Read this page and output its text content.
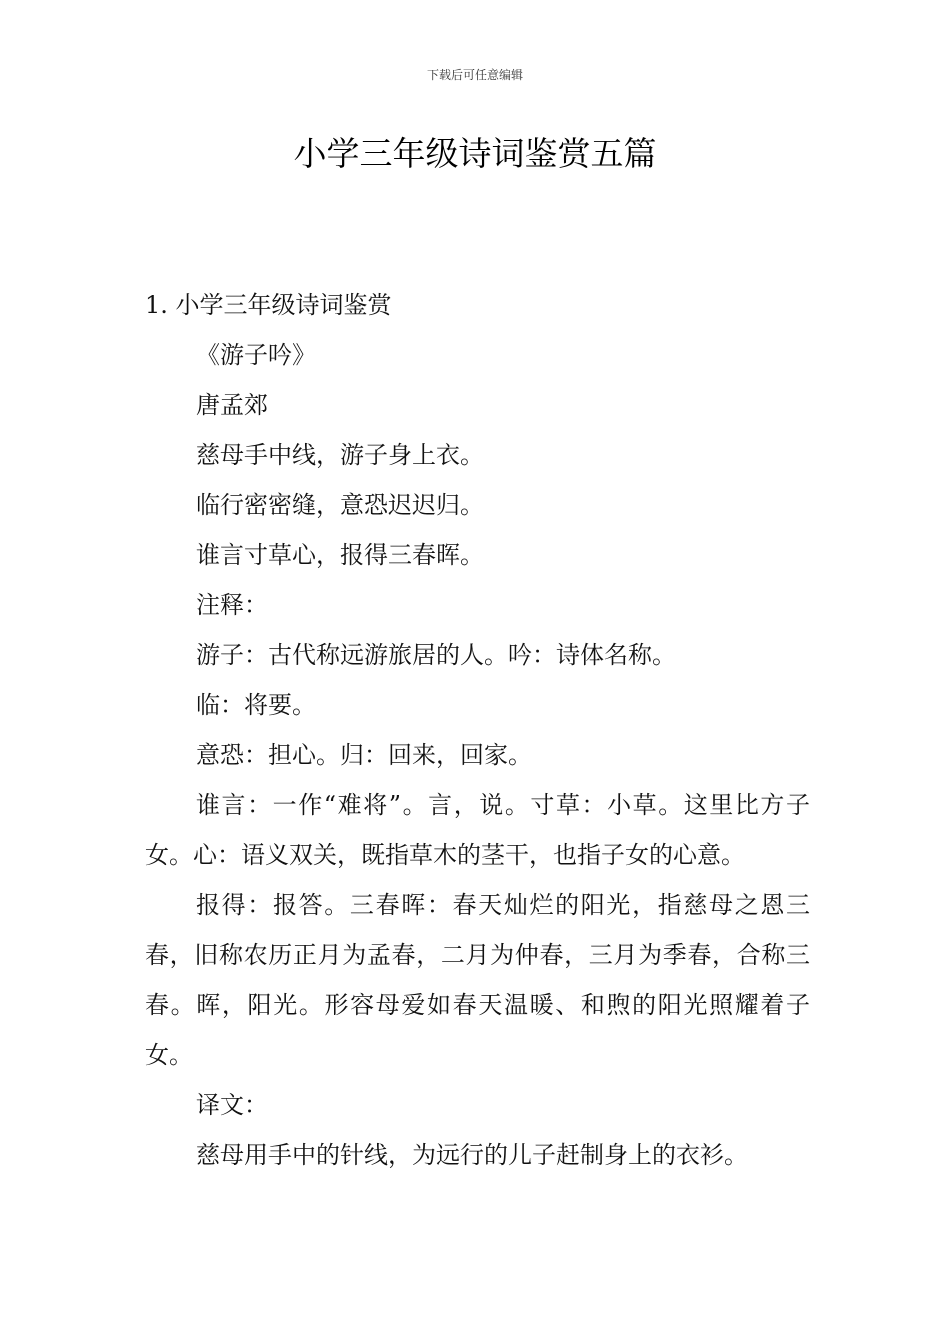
下载后可任意编辑
小学三年级诗词鉴赏五篇
1. 小学三年级诗词鉴赏
《游子吟》
唐孟郊
慈母手中线，游子身上衣。
临行密密缝，意恐迟迟归。
谁言寸草心，报得三春晖。
注释：
游子：古代称远游旅居的人。吟：诗体名称。
临：将要。
意恐：担心。归：回来，回家。
谁言：一作“难将”。言，说。寸草：小草。这里比方子女。心：语义双关，既指草木的茎干，也指子女的心意。
报得：报答。三春晖：春天灿烂的阳光，指慈母之恩三春，旧称农历正月为孟春，二月为仲春，三月为季春，合称三春。晖，阳光。形容母爱如春天温暖、和煦的阳光照耀着子女。
译文：
慈母用手中的针线，为远行的儿子赶制身上的衣衫。
